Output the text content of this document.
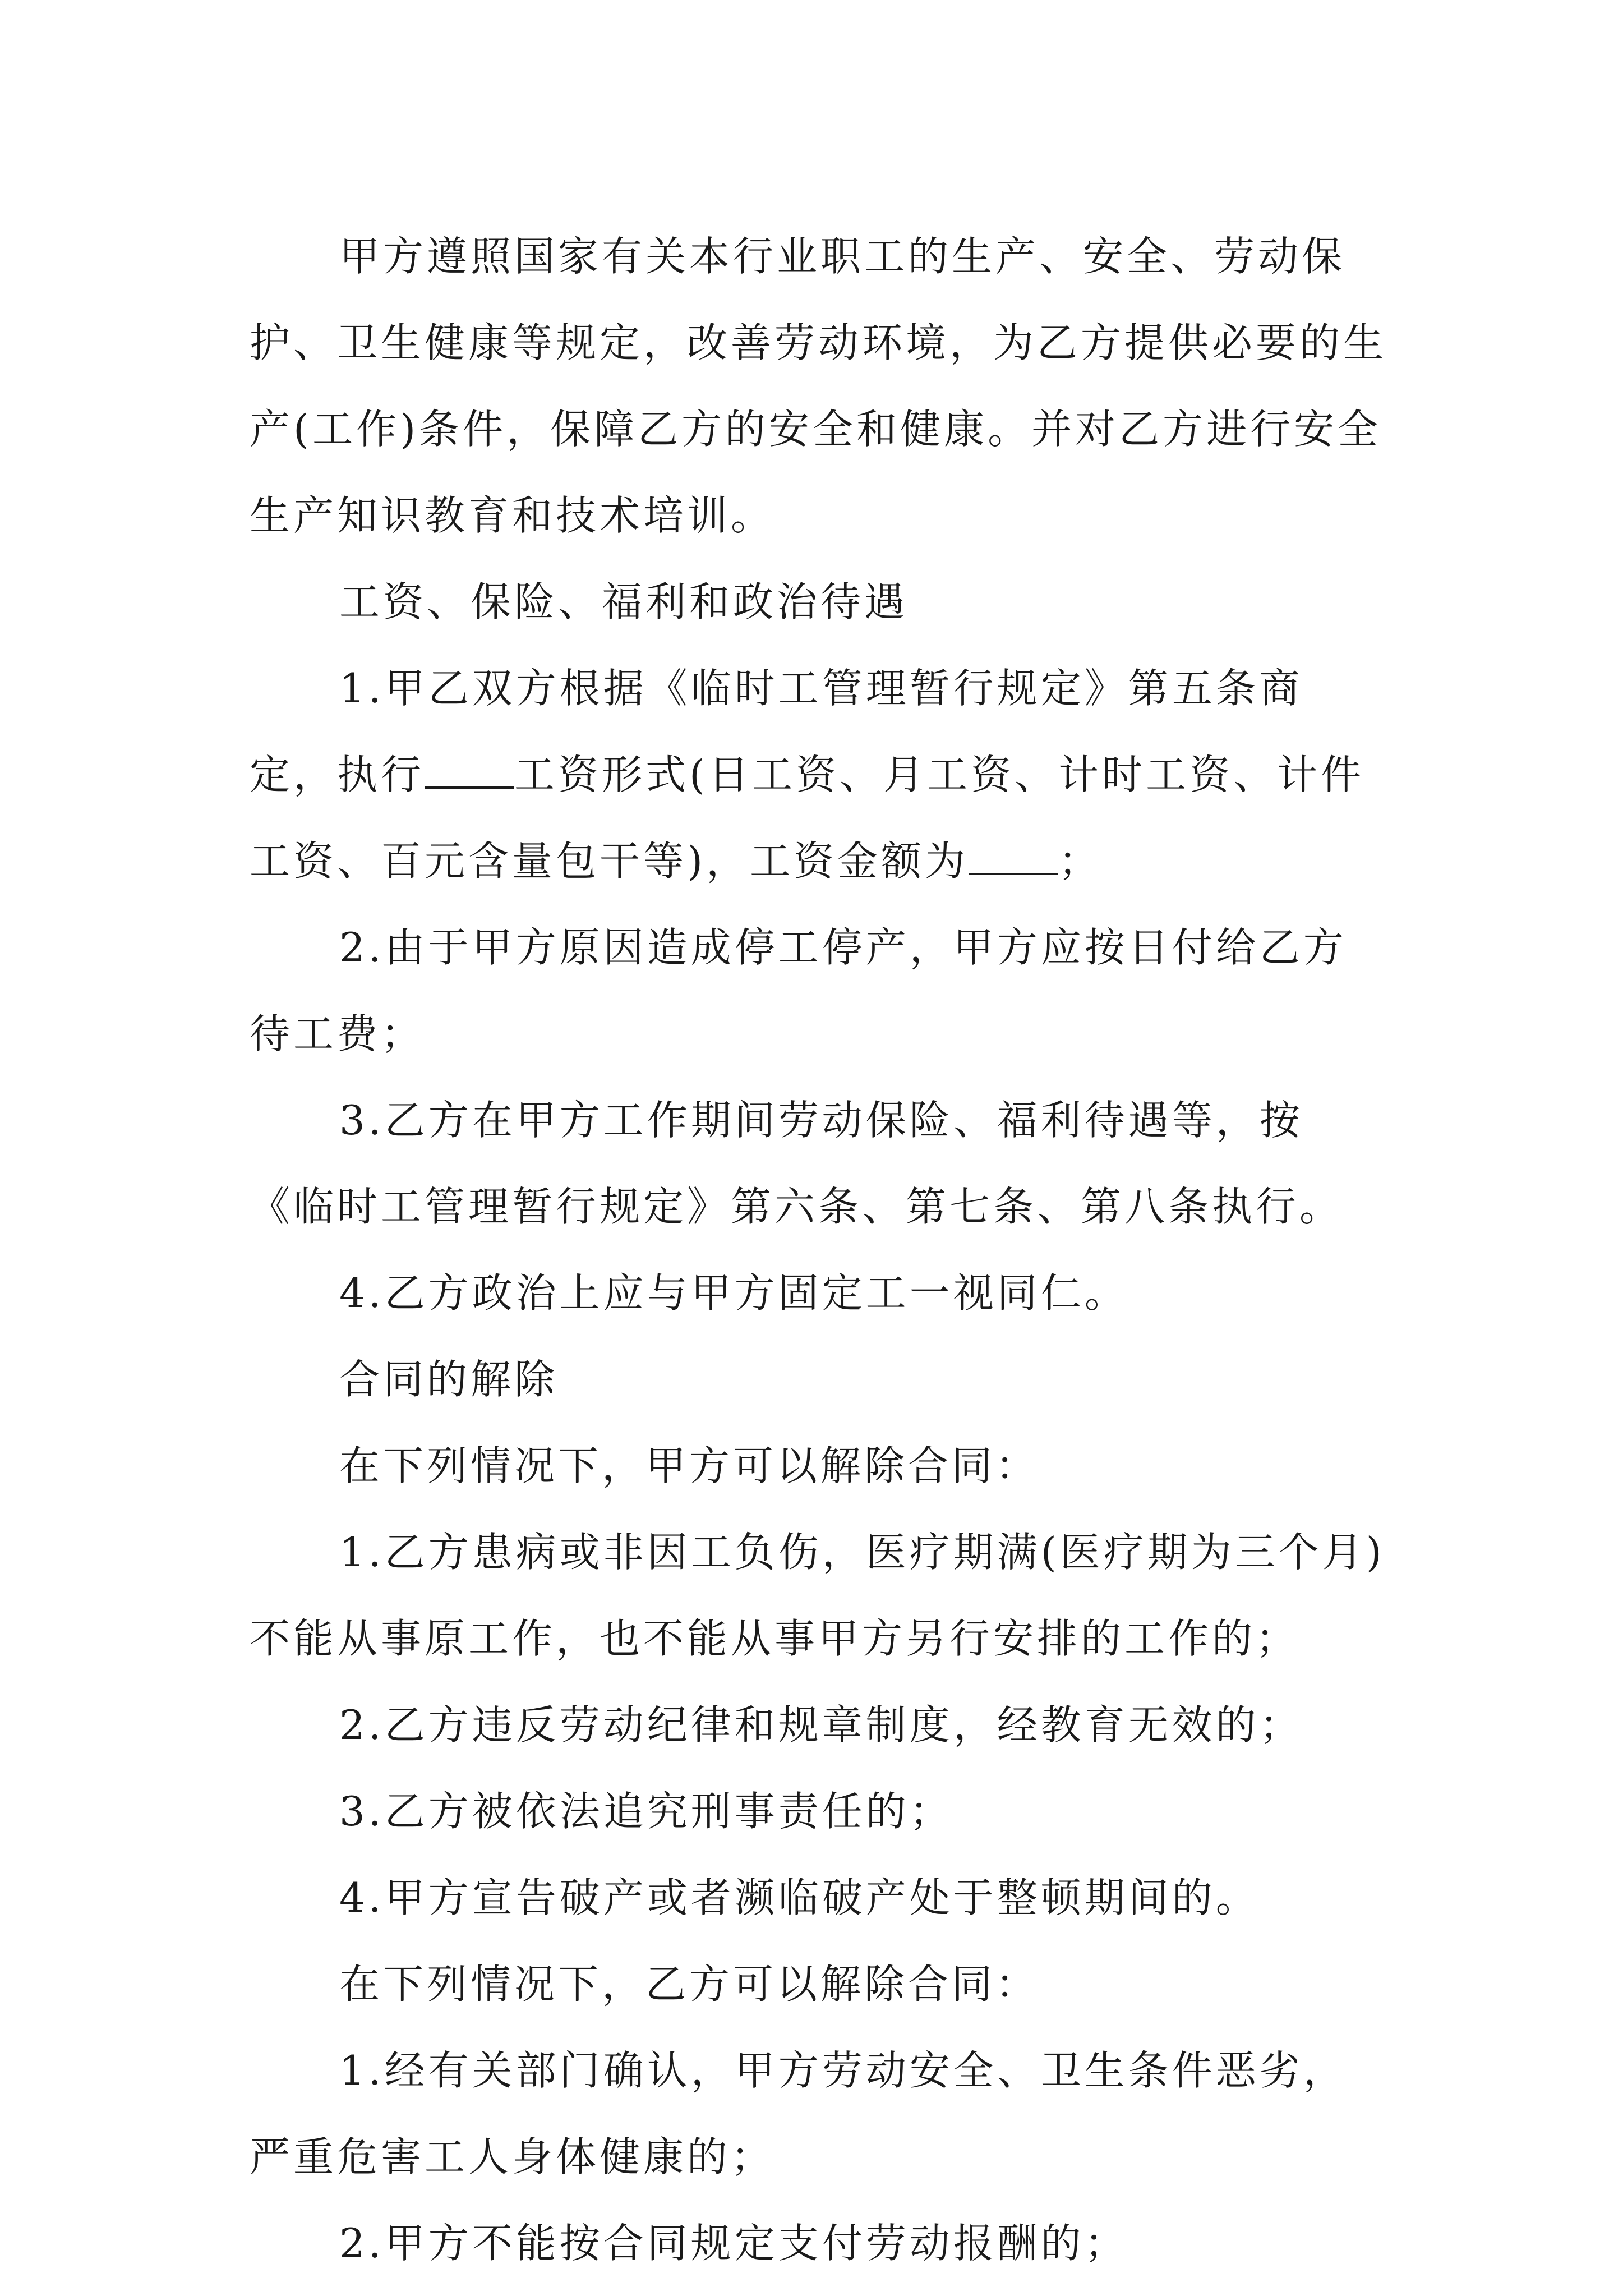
甲方遵照国家有关本行业职工的生产、安全、劳动保护、卫生健康等规定，改善劳动环境，为乙方提供必要的生产(工作)条件，保障乙方的安全和健康。并对乙方进行安全生产知识教育和技术培训。

工资、保险、福利和政治待遇

1.甲乙双方根据《临时工管理暂行规定》第五条商定，执行 工资形式(日工资、月工资、计时工资、计件工资、百元含量包干等)，工资金额为 ；

2.由于甲方原因造成停工停产，甲方应按日付给乙方待工费；

3.乙方在甲方工作期间劳动保险、福利待遇等，按《临时工管理暂行规定》第六条、第七条、第八条执行。

4.乙方政治上应与甲方固定工一视同仁。

合同的解除

在下列情况下，甲方可以解除合同：

1.乙方患病或非因工负伤，医疗期满(医疗期为三个月)不能从事原工作，也不能从事甲方另行安排的工作的；

2.乙方违反劳动纪律和规章制度，经教育无效的；

3.乙方被依法追究刑事责任的；

4.甲方宣告破产或者濒临破产处于整顿期间的。

在下列情况下，乙方可以解除合同：

1.经有关部门确认，甲方劳动安全、卫生条件恶劣，严重危害工人身体健康的；

2.甲方不能按合同规定支付劳动报酬的；
